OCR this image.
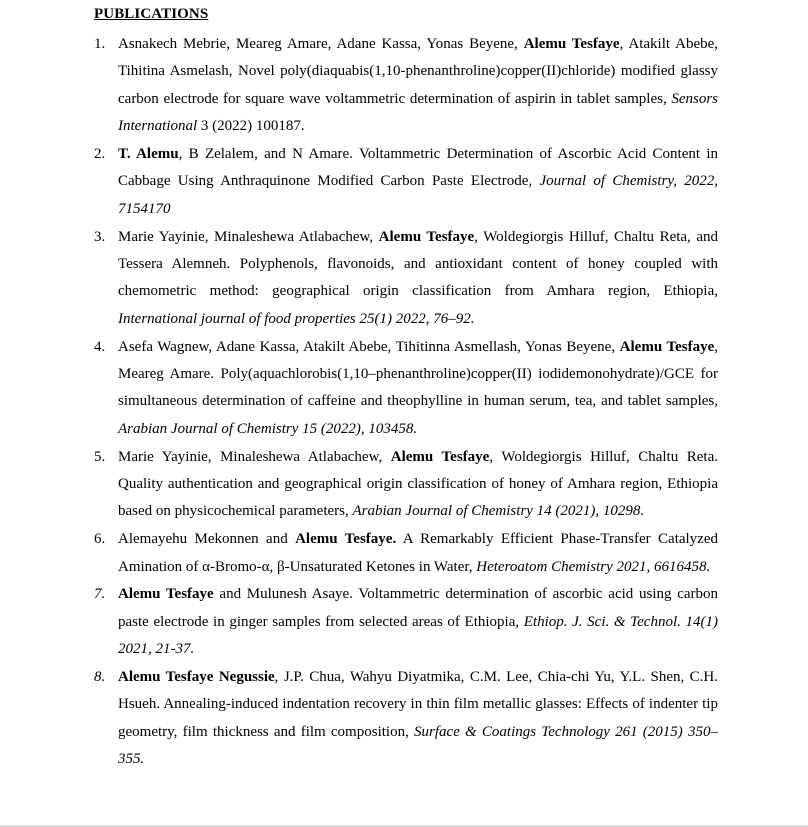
PUBLICATIONS
1. Asnakech Mebrie, Meareg Amare, Adane Kassa, Yonas Beyene, Alemu Tesfaye, Atakilt Abebe, Tihitina Asmelash, Novel poly(diaquabis(1,10-phenanthroline)copper(II)chloride) modified glassy carbon electrode for square wave voltammetric determination of aspirin in tablet samples, Sensors International 3 (2022) 100187.
2. T. Alemu, B Zelalem, and N Amare. Voltammetric Determination of Ascorbic Acid Content in Cabbage Using Anthraquinone Modified Carbon Paste Electrode, Journal of Chemistry, 2022, 7154170
3. Marie Yayinie, Minaleshewa Atlabachew, Alemu Tesfaye, Woldegiorgis Hilluf, Chaltu Reta, and Tessera Alemneh. Polyphenols, flavonoids, and antioxidant content of honey coupled with chemometric method: geographical origin classification from Amhara region, Ethiopia, International journal of food properties 25(1) 2022, 76–92.
4. Asefa Wagnew, Adane Kassa, Atakilt Abebe, Tihitinna Asmellash, Yonas Beyene, Alemu Tesfaye, Meareg Amare. Poly(aquachlorobis(1,10–phenanthroline)copper(II) iodidemonohydrate)/GCE for simultaneous determination of caffeine and theophylline in human serum, tea, and tablet samples, Arabian Journal of Chemistry 15 (2022), 103458.
5. Marie Yayinie, Minaleshewa Atlabachew, Alemu Tesfaye, Woldegiorgis Hilluf, Chaltu Reta. Quality authentication and geographical origin classification of honey of Amhara region, Ethiopia based on physicochemical parameters, Arabian Journal of Chemistry 14 (2021), 10298.
6. Alemayehu Mekonnen and Alemu Tesfaye. A Remarkably Efficient Phase-Transfer Catalyzed Amination of α-Bromo-α, β-Unsaturated Ketones in Water, Heteroatom Chemistry 2021, 6616458.
7. Alemu Tesfaye and Mulunesh Asaye. Voltammetric determination of ascorbic acid using carbon paste electrode in ginger samples from selected areas of Ethiopia, Ethiop. J. Sci. & Technol. 14(1) 2021, 21-37.
8. Alemu Tesfaye Negussie, J.P. Chua, Wahyu Diyatmika, C.M. Lee, Chia-chi Yu, Y.L. Shen, C.H. Hsueh. Annealing-induced indentation recovery in thin film metallic glasses: Effects of indenter tip geometry, film thickness and film composition, Surface & Coatings Technology 261 (2015) 350–355.
